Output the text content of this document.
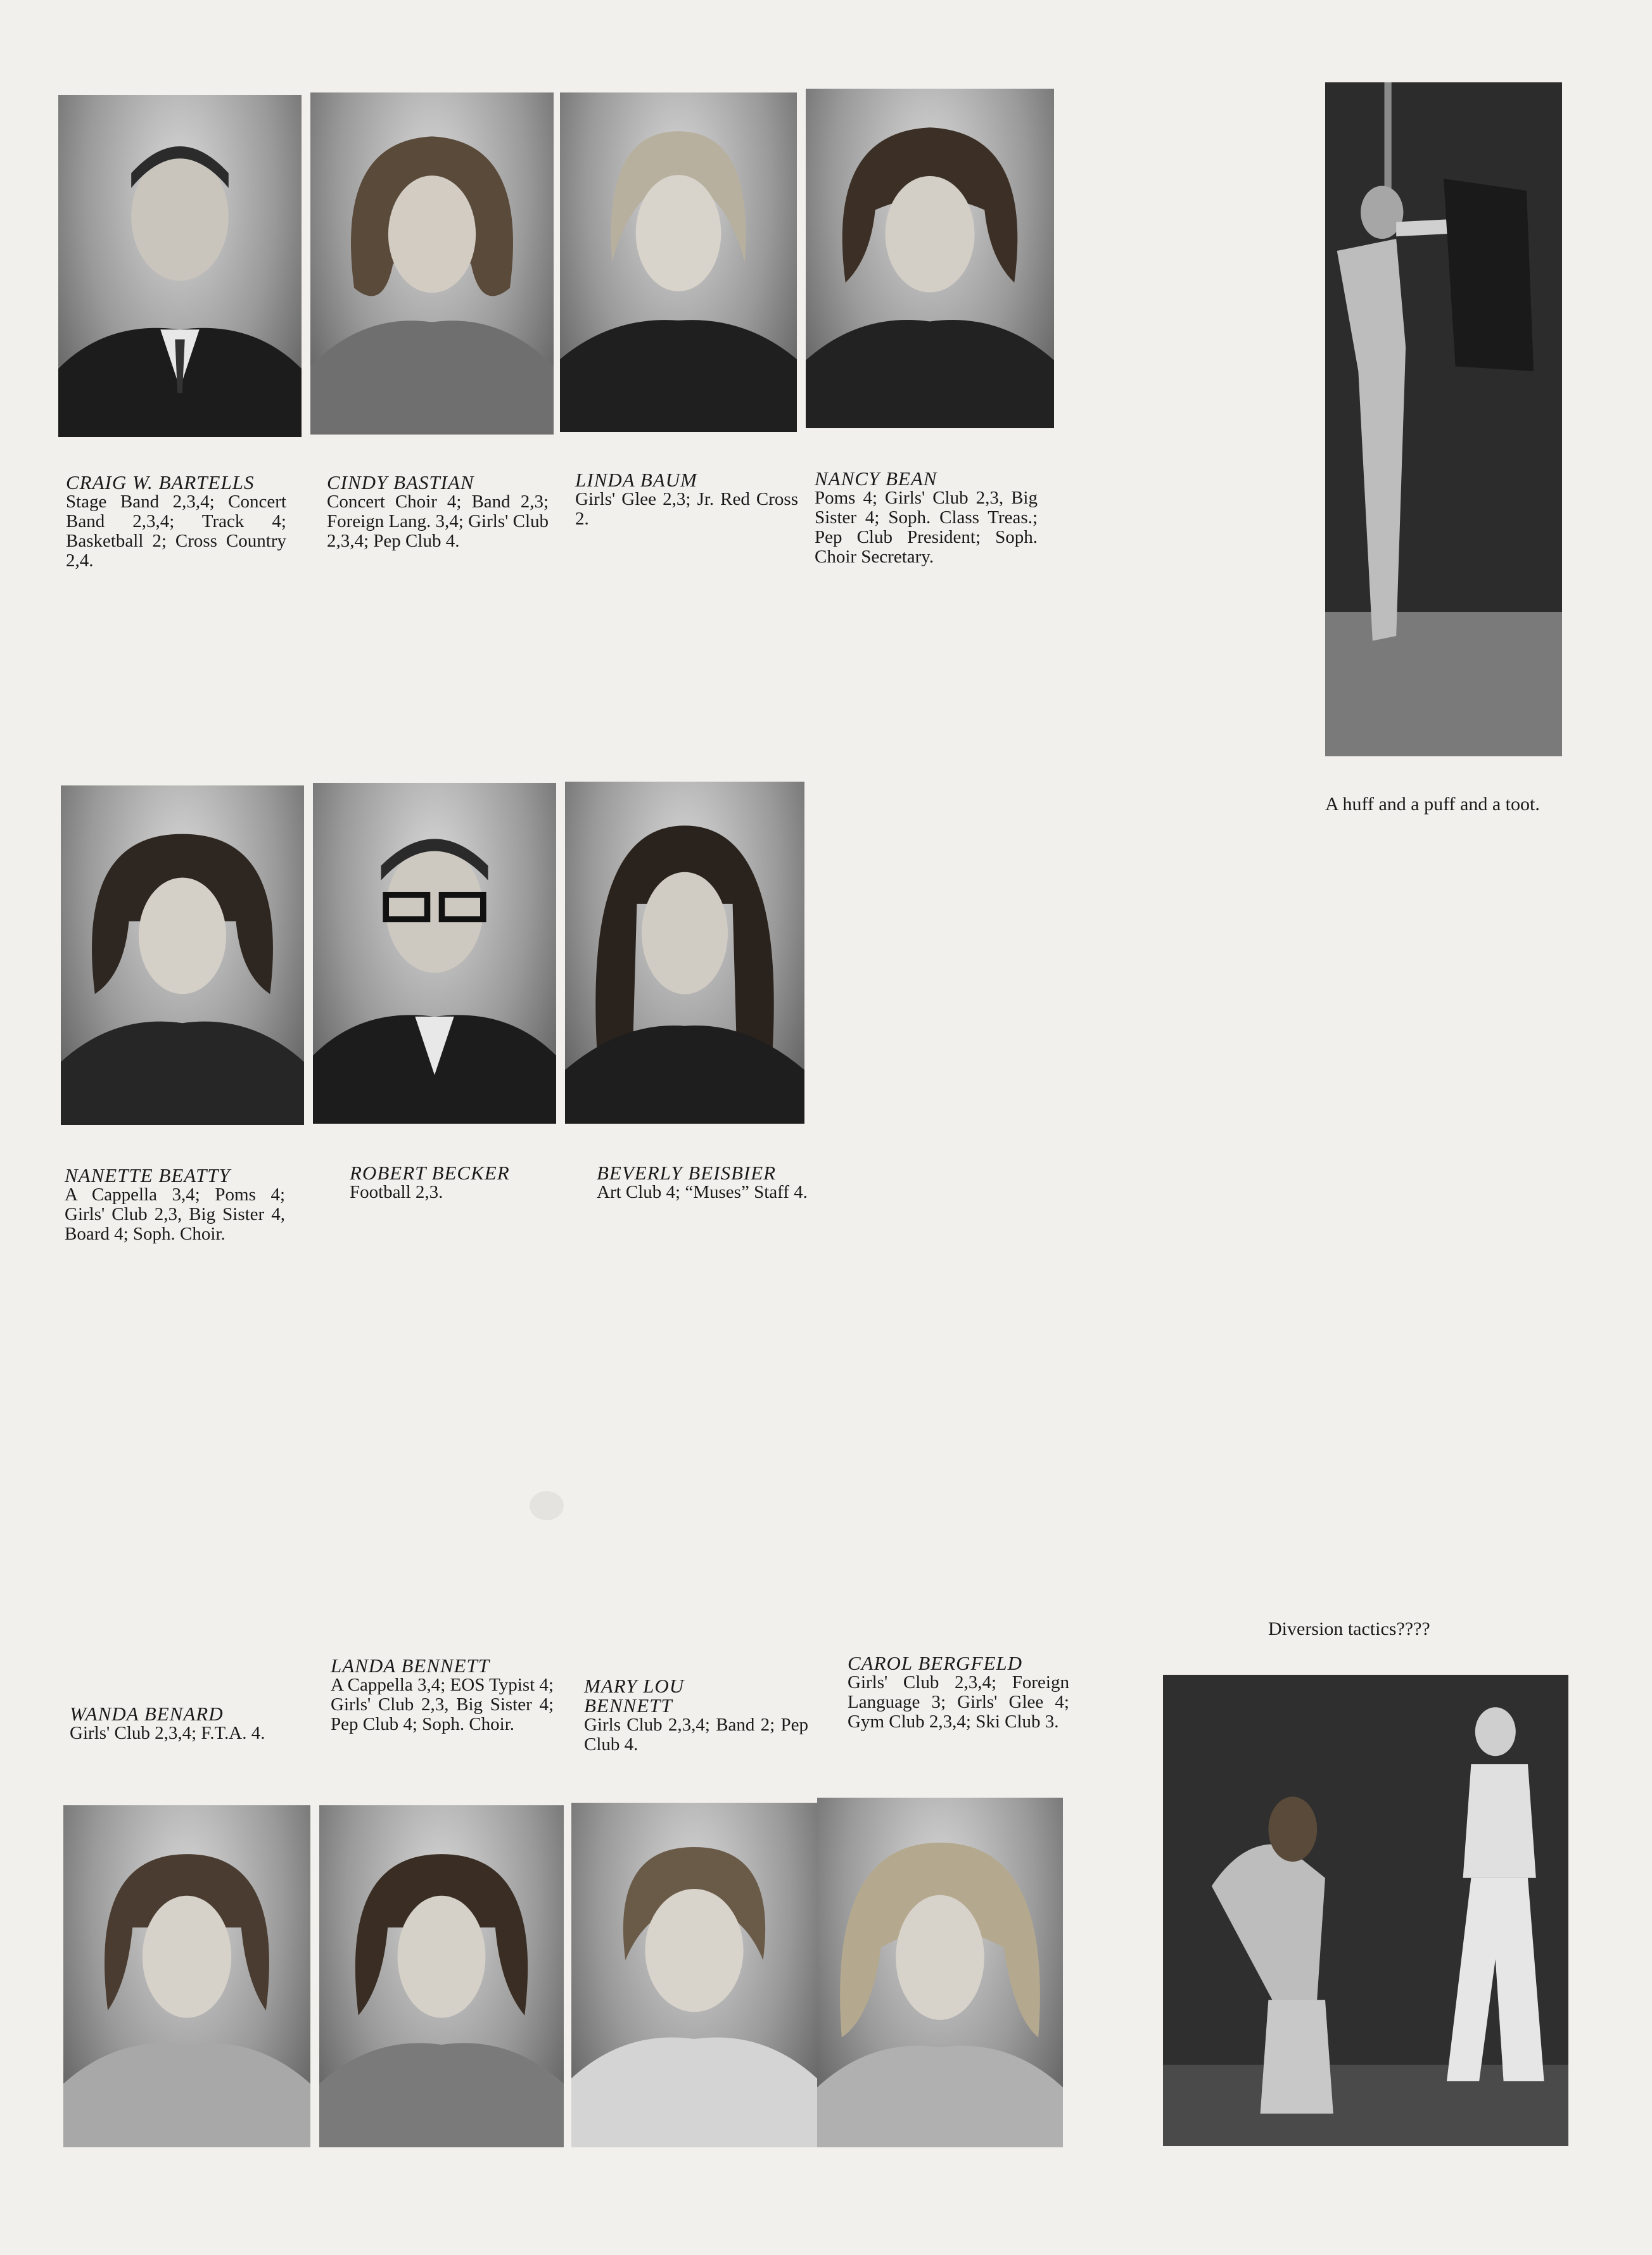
CRAIG W. BARTELLS
Stage Band 2,3,4; Concert Band 2,3,4; Track 4; Basketball 2; Cross Country 2,4.
CINDY BASTIAN
Concert Choir 4; Band 2,3; Foreign Lang. 3,4; Girls' Club 2,3,4; Pep Club 4.
LINDA BAUM
Girls' Glee 2,3; Jr. Red Cross 2.
NANCY BEAN
Poms 4; Girls' Club 2,3, Big Sister 4; Soph. Class Treas.; Pep Club President; Soph. Choir Secretary.
A huff and a puff and a toot.
NANETTE BEATTY
A Cappella 3,4; Poms 4; Girls' Club 2,3, Big Sister 4, Board 4; Soph. Choir.
ROBERT BECKER
Football 2,3.
BEVERLY BEISBIER
Art Club 4; “Muses” Staff 4.
WANDA BENARD
Girls' Club 2,3,4; F.T.A. 4.
LANDA BENNETT
A Cappella 3,4; EOS Typist 4; Girls' Club 2,3, Big Sister 4; Pep Club 4; Soph. Choir.
MARY LOU BENNETT
Girls Club 2,3,4; Band 2; Pep Club 4.
CAROL BERGFELD
Girls' Club 2,3,4; Foreign Language 3; Girls' Glee 4; Gym Club 2,3,4; Ski Club 3.
Diversion tactics????
